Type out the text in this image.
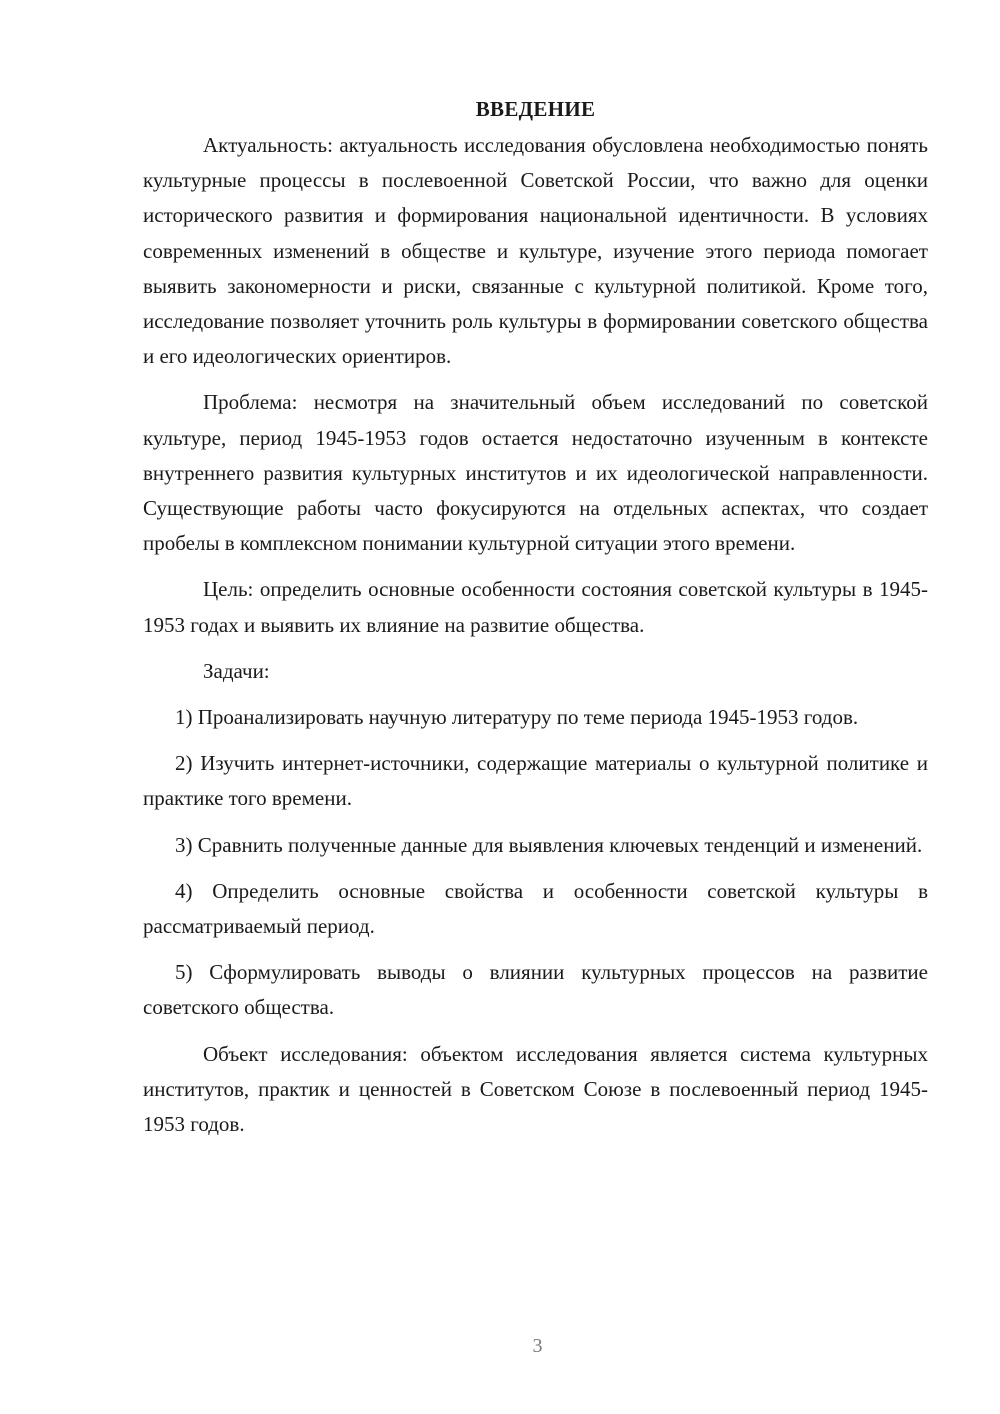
ВВЕДЕНИЕ

Актуальность: актуальность исследования обусловлена необходимостью понять культурные процессы в послевоенной Советской России, что важно для оценки исторического развития и формирования национальной идентичности. В условиях современных изменений в обществе и культуре, изучение этого периода помогает выявить закономерности и риски, связанные с культурной политикой. Кроме того, исследование позволяет уточнить роль культуры в формировании советского общества и его идеологических ориентиров.

Проблема: несмотря на значительный объем исследований по советской культуре, период 1945-1953 годов остается недостаточно изученным в контексте внутреннего развития культурных институтов и их идеологической направленности. Существующие работы часто фокусируются на отдельных аспектах, что создает пробелы в комплексном понимании культурной ситуации этого времени.

Цель: определить основные особенности состояния советской культуры в 1945-1953 годах и выявить их влияние на развитие общества.

Задачи:

1) Проанализировать научную литературу по теме периода 1945-1953 годов.

2) Изучить интернет-источники, содержащие материалы о культурной политике и практике того времени.

3) Сравнить полученные данные для выявления ключевых тенденций и изменений.

4) Определить основные свойства и особенности советской культуры в рассматриваемый период.

5) Сформулировать выводы о влиянии культурных процессов на развитие советского общества.

Объект исследования: объектом исследования является система культурных институтов, практик и ценностей в Советском Союзе в послевоенный период 1945-1953 годов.

3
